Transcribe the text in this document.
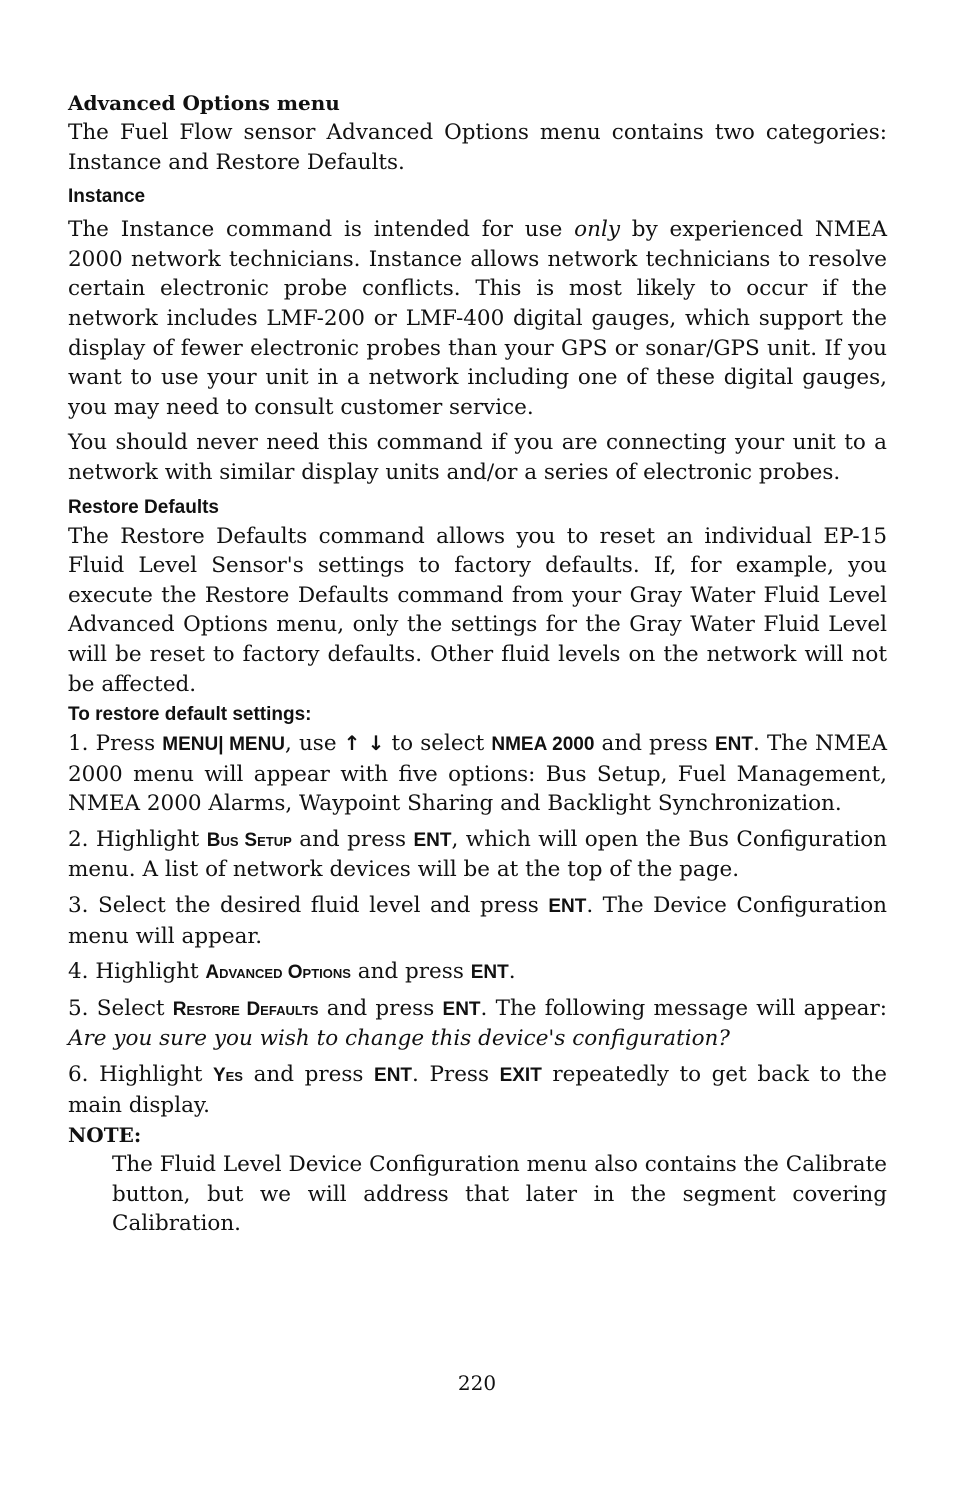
Advanced Options menu

The Fuel Flow sensor Advanced Options menu contains two categories: Instance and Restore Defaults.

Instance

The Instance command is intended for use only by experienced NMEA 2000 network technicians. Instance allows network technicians to resolve certain electronic probe conflicts. This is most likely to occur if the network includes LMF-200 or LMF-400 digital gauges, which support the display of fewer electronic probes than your GPS or sonar/GPS unit. If you want to use your unit in a network including one of these digital gauges, you may need to consult customer service.

You should never need this command if you are connecting your unit to a network with similar display units and/or a series of electronic probes.

Restore Defaults

The Restore Defaults command allows you to reset an individual EP-15 Fluid Level Sensor's settings to factory defaults. If, for example, you execute the Restore Defaults command from your Gray Water Fluid Level Advanced Options menu, only the settings for the Gray Water Fluid Level will be reset to factory defaults. Other fluid levels on the network will not be affected.

To restore default settings:

1. Press MENU| MENU, use ↑ ↓ to select NMEA 2000 and press ENT. The NMEA 2000 menu will appear with five options: Bus Setup, Fuel Management, NMEA 2000 Alarms, Waypoint Sharing and Backlight Synchronization.

2. Highlight Bus Setup and press ENT, which will open the Bus Configuration menu. A list of network devices will be at the top of the page.

3. Select the desired fluid level and press ENT. The Device Configuration menu will appear.

4. Highlight Advanced Options and press ENT.

5. Select Restore Defaults and press ENT. The following message will appear: Are you sure you wish to change this device's configuration?

6. Highlight Yes and press ENT. Press EXIT repeatedly to get back to the main display.

NOTE:

The Fluid Level Device Configuration menu also contains the Calibrate button, but we will address that later in the segment covering Calibration.

220
